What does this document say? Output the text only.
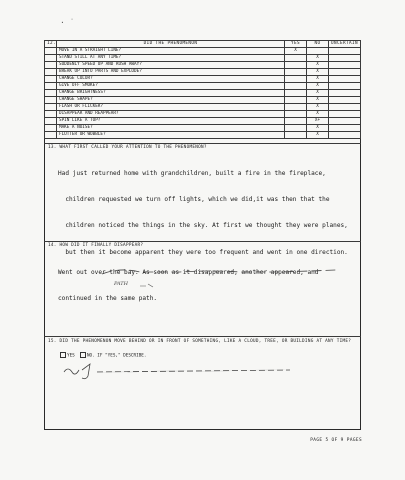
· ˙
12.	DID THE PHENOMENON	YES	NO	UNCERTAIN
	MOVE IN A STRAIGHT LINE?	X		
	STAND STILL AT ANY TIME?		X	
	SUDDENLY SPEED UP AND RUSH AWAY?		X	
	BREAK UP INTO PARTS AND EXPLODE?		X	
	CHANGE COLOR?		X	
	GIVE OFF SMOKE?		X	
	CHANGE BRIGHTNESS?		X	
	CHANGE SHAPE?		X	
	FLASH OR FLICKER?		X	
	DISAPPEAR AND REAPPEAR?		X	
	SPIN LIKE A TOP?		X+	
	MAKE A NOISE?		X	
	FLUTTER OR WOBBLE?		X	
13. WHAT FIRST CALLED YOUR ATTENTION TO THE PHENOMENON?

Had just returned home with grandchildren, built a fire in the fireplace,

children requested we turn off lights, which we did,it was then that the

children noticed the things in the sky. At first we thought they were planes,

but then it become apparent they were too frequent and went in one direction.

14. HOW DID IT FINALLY DISAPPEAR?

Went out over the bay. As soon as it disappeared, another appeared, and

continued in the same path.

PATH
15. DID THE PHENOMENON MOVE BEHIND OR IN FRONT OF SOMETHING, LIKE A CLOUD, TREE, OR BUILDING AT ANY TIME?
YES	NO. IF "YES," DESCRIBE.
PAGE 5 OF 9 PAGES
